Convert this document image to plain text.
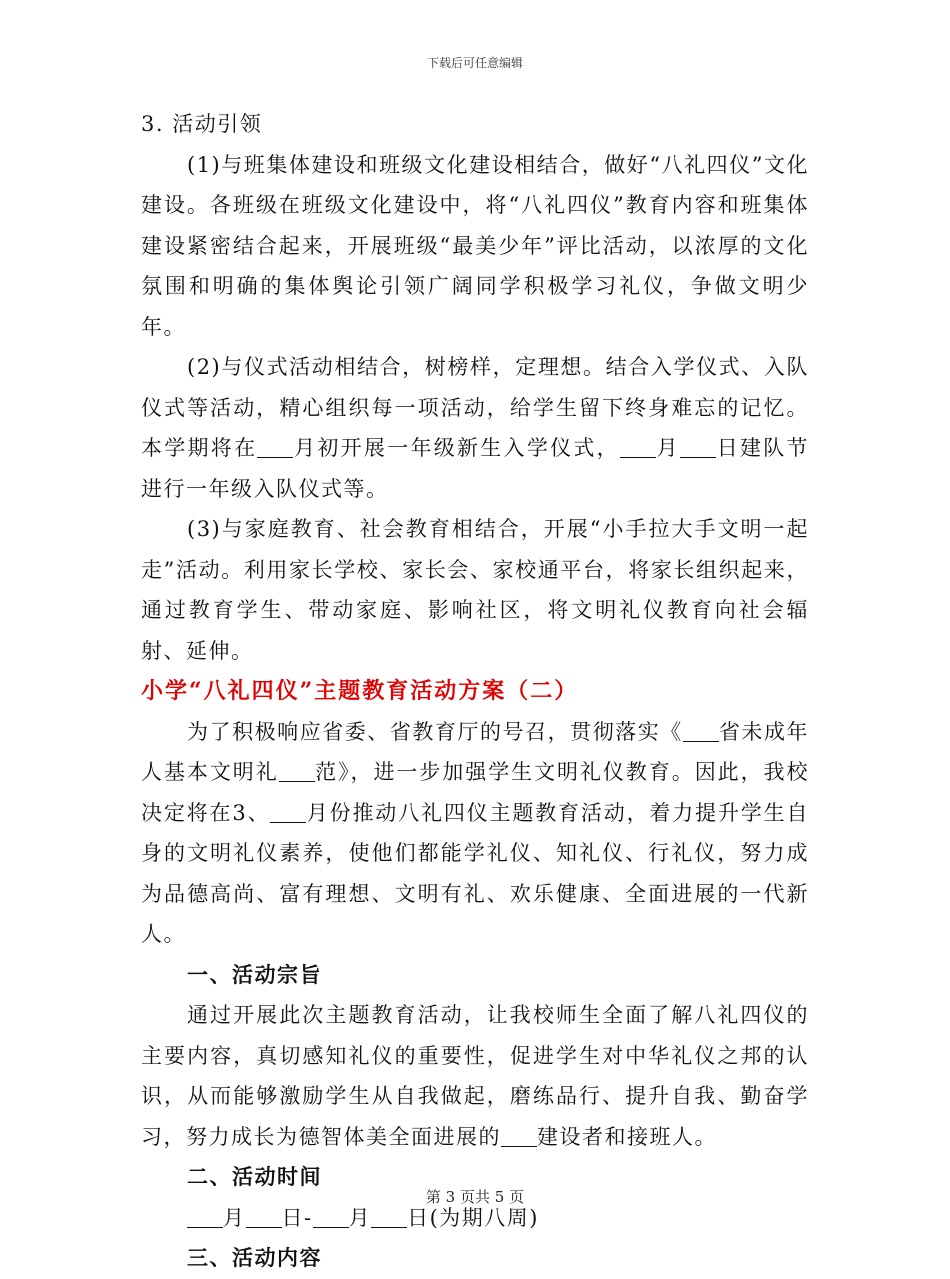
下载后可任意编辑

3. 活动引领

(1)与班集体建设和班级文化建设相结合，做好“八礼四仪”文化建设。各班级在班级文化建设中，将“八礼四仪”教育内容和班集体建设紧密结合起来，开展班级“最美少年”评比活动，以浓厚的文化氛围和明确的集体舆论引领广阔同学积极学习礼仪，争做文明少年。

(2)与仪式活动相结合，树榜样，定理想。结合入学仪式、入队仪式等活动，精心组织每一项活动，给学生留下终身难忘的记忆。本学期将在 月初开展一年级新生入学仪式， 月 日建队节进行一年级入队仪式等。

(3)与家庭教育、社会教育相结合，开展“小手拉大手文明一起走”活动。利用家长学校、家长会、家校通平台，将家长组织起来，通过教育学生、带动家庭、影响社区，将文明礼仪教育向社会辐射、延伸。

小学“八礼四仪”主题教育活动方案（二）

为了积极响应省委、省教育厅的号召，贯彻落实《 省未成年人基本文明礼 范》，进一步加强学生文明礼仪教育。因此，我校决定将在3、 月份推动八礼四仪主题教育活动，着力提升学生自身的文明礼仪素养，使他们都能学礼仪、知礼仪、行礼仪，努力成为品德高尚、富有理想、文明有礼、欢乐健康、全面进展的一代新人。

一、活动宗旨

通过开展此次主题教育活动，让我校师生全面了解八礼四仪的主要内容，真切感知礼仪的重要性，促进学生对中华礼仪之邦的认识，从而能够激励学生从自我做起，磨练品行、提升自我、勤奋学习，努力成长为德智体美全面进展的 建设者和接班人。

二、活动时间

月 日- 月 日(为期八周)

三、活动内容

第 3 页共 5 页
